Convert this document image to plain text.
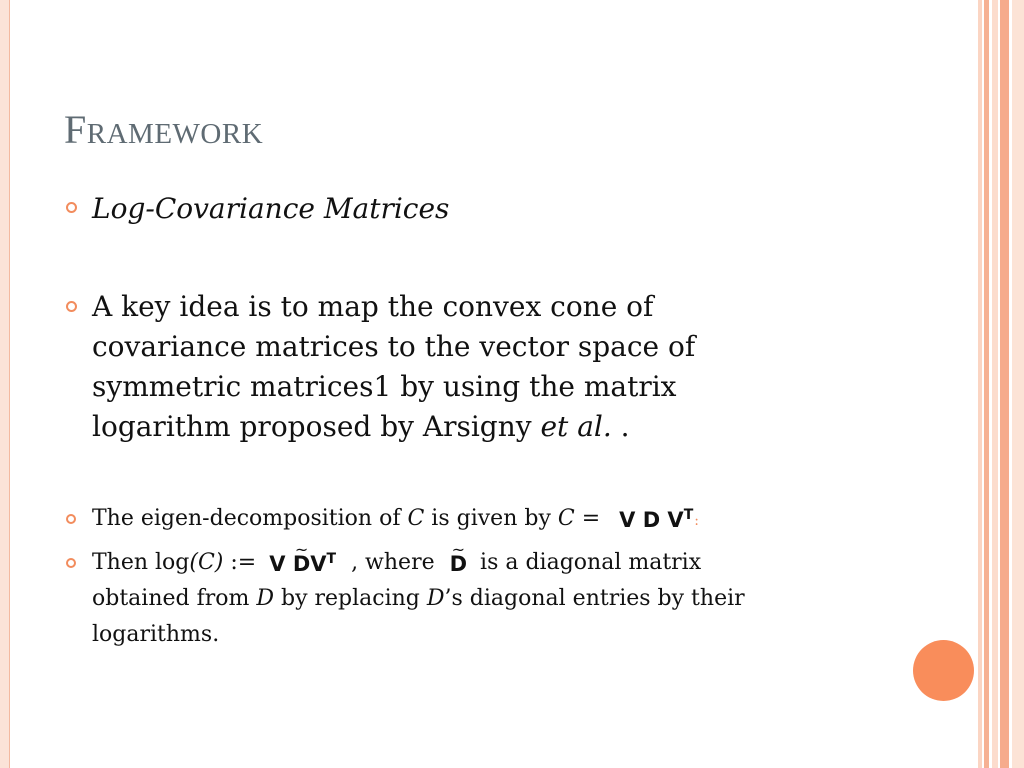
FRAMEWORK
Log-Covariance Matrices
A key idea is to map the convex cone of
covariance matrices to the vector space of
symmetric matrices1 by using the matrix
logarithm proposed by Arsigny et al. .
The eigen-decomposition of C is given by C = V D $V^T$:
Then log(C) := V ~ $DV^T$ , where ~ D is a diagonal matrix
obtained from D by replacing D’s diagonal entries by their
logarithms.
